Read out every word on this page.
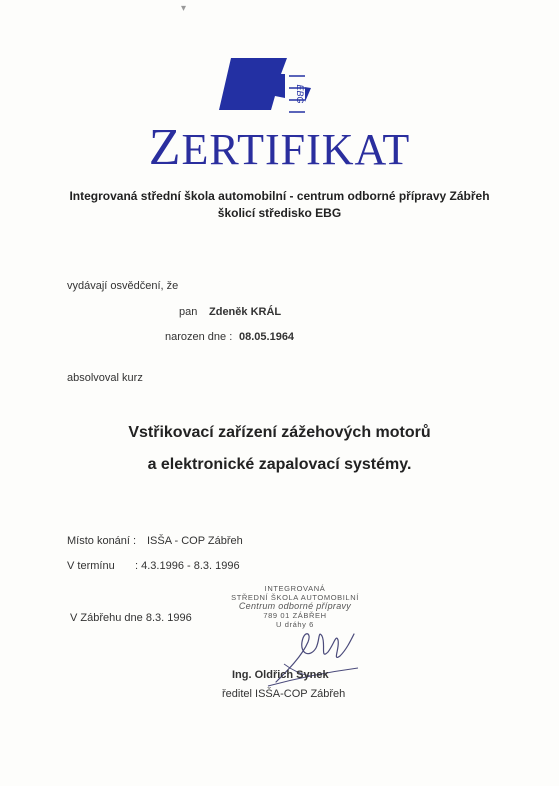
▾
EBG
ZERTIFIKAT
Integrovaná střední škola automobilní - centrum odborné přípravy Zábřeh
školicí středisko EBG
vydávají osvědčení, že
pan Zdeněk KRÁL
narozen dne : 08.05.1964
absolvoval kurz
Vstřikovací zařízení zážehových motorů
a elektronické zapalovací systémy.
Místo konání : ISŠA - COP Zábřeh
V termínu : 4.3.1996 - 8.3. 1996
V Zábřehu dne 8.3. 1996
INTEGROVANÁ
STŘEDNÍ ŠKOLA AUTOMOBILNÍ
Centrum odborné přípravy
789 01 ZÁBŘEH
U dráhy 6
Ing. Oldřich Synek
ředitel ISŠA-COP Zábřeh
